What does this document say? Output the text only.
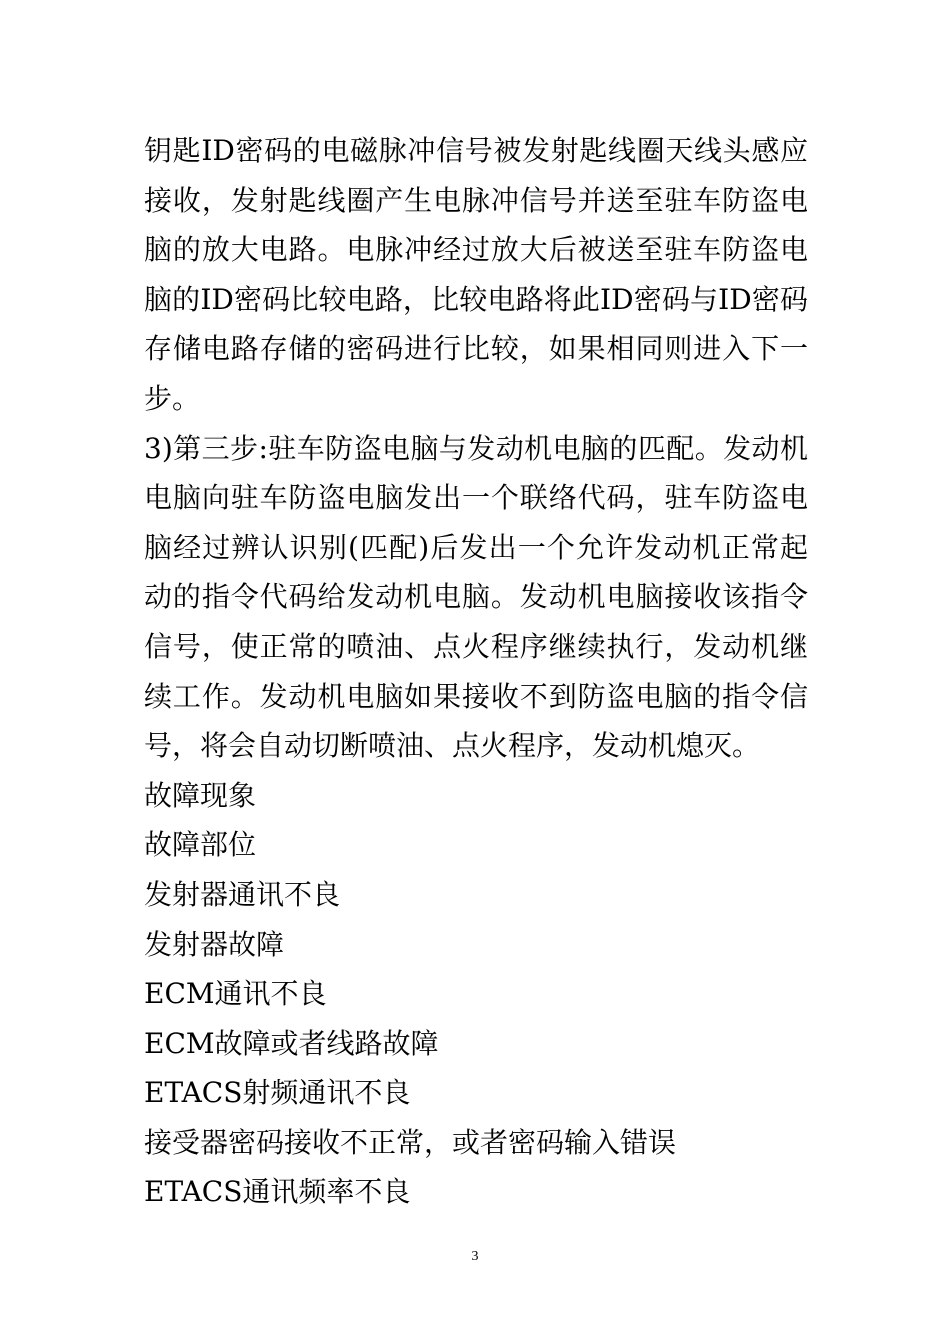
钥匙ID密码的电磁脉冲信号被发射匙线圈天线头感应接收，发射匙线圈产生电脉冲信号并送至驻车防盗电脑的放大电路。电脉冲经过放大后被送至驻车防盗电脑的ID密码比较电路，比较电路将此ID密码与ID密码存储电路存储的密码进行比较，如果相同则进入下一步。

3)第三步:驻车防盗电脑与发动机电脑的匹配。发动机电脑向驻车防盗电脑发出一个联络代码，驻车防盗电脑经过辨认识别(匹配)后发出一个允许发动机正常起动的指令代码给发动机电脑。发动机电脑接收该指令信号，使正常的喷油、点火程序继续执行，发动机继续工作。发动机电脑如果接收不到防盗电脑的指令信号，将会自动切断喷油、点火程序，发动机熄灭。

故障现象

故障部位

发射器通讯不良

发射器故障

ECM通讯不良

ECM故障或者线路故障

ETACS射频通讯不良

接受器密码接收不正常，或者密码输入错误

ETACS通讯频率不良

3
